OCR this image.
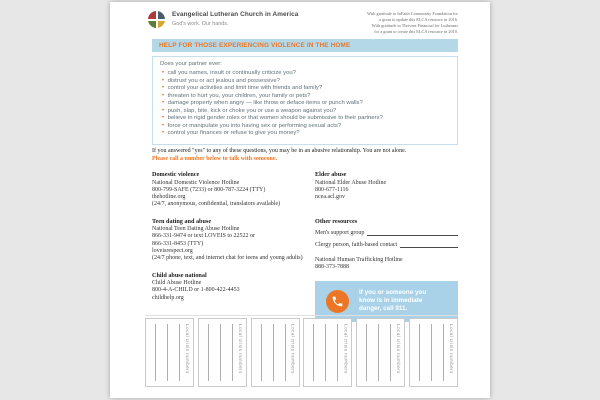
Evangelical Lutheran Church in America
God's work. Our hands.
With gratitude to InFaith Community Foundation for
a grant to update this ELCA resource in 2016.
With gratitude to Thrivent Financial for Lutherans
for a grant to create this ELCA resource in 2010.
HELP FOR THOSE EXPERIENCING VIOLENCE IN THE HOME
Does your partner ever:
• call you names, insult or continually criticize you?
• distrust you or act jealous and possessive?
• control your activities and limit time with friends and family?
• threaten to hurt you, your children, your family or pets?
• damage property when angry — like throw or deface items or punch walls?
• push, slap, bite, kick or choke you or use a weapon against you?
• believe in rigid gender roles or that women should be submissive to their partners?
• force or manipulate you into having sex or performing sexual acts?
• control your finances or refuse to give you money?
If you answered "yes" to any of these questions, you may be in an abusive relationship. You are not alone.
Please call a number below to talk with someone.
Domestic violence
National Domestic Violence Hotline
800-799-SAFE (7233) or 800-787-3224 (TTY)
thehotline.org
(24/7, anonymous, confidential, translators available)
Teen dating and abuse
National Teen Dating Abuse Hotline
866-331-9474 or text LOVEIS to 22522 or
866-331-8453 (TTY)
loveisrespect.org
(24/7 phone, text, and internet chat for teens and young adults)
Child abuse national
Child Abuse Hotline
800-4-A-CHILD or 1-800-422-4453
childhelp.org
Elder abuse
National Elder Abuse Hotline
800-677-1116
ncea.acl.gov
Other resources
Men's support group
Clergy person, faith-based contact
National Human Trafficking Hotline
888-373-7888
If you or someone you know is in immediate danger, call 911.
Local crisis numbers	Local crisis numbers	Local crisis numbers	Local crisis numbers	Local crisis numbers	Local crisis numbers
